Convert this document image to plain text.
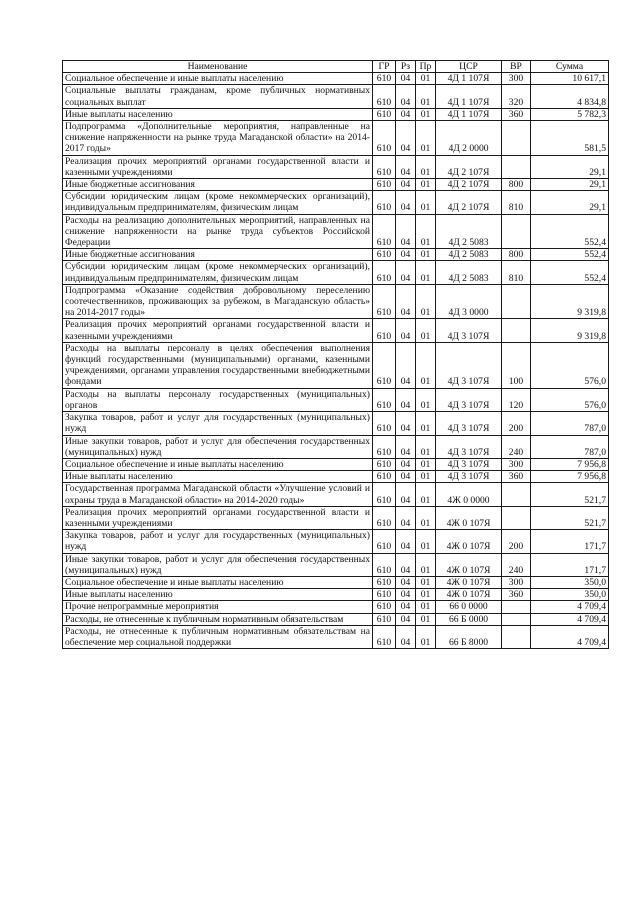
Наименование	ГР	Рз	Пр	ЦСР	ВР	Сумма
Социальное обеспечение и иные выплаты населению	610	04	01	4Д 1 107Я	300	10 617,1
Социальные выплаты гражданам, кроме публичных нормативных социальных выплат	610	04	01	4Д 1 107Я	320	4 834,8
Иные выплаты населению	610	04	01	4Д 1 107Я	360	5 782,3
Подпрограмма «Дополнительные мероприятия, направленные на снижение напряженности на рынке труда Магаданской области» на 2014-2017 годы»	610	04	01	4Д 2 0000		581,5
Реализация прочих мероприятий органами государственной власти и казенными учреждениями	610	04	01	4Д 2 107Я		29,1
Иные бюджетные ассигнования	610	04	01	4Д 2 107Я	800	29,1
Субсидии юридическим лицам (кроме некоммерческих организаций), индивидуальным предпринимателям, физическим лицам	610	04	01	4Д 2 107Я	810	29,1
Расходы на реализацию дополнительных мероприятий, направленных на снижение напряженности на рынке труда субъектов Российской Федерации	610	04	01	4Д 2 5083		552,4
Иные бюджетные ассигнования	610	04	01	4Д 2 5083	800	552,4
Субсидии юридическим лицам (кроме некоммерческих организаций), индивидуальным предпринимателям, физическим лицам	610	04	01	4Д 2 5083	810	552,4
Подпрограмма «Оказание содействия добровольному переселению соотечественников, проживающих за рубежом, в Магаданскую область» на 2014-2017 годы»	610	04	01	4Д 3 0000		9 319,8
Реализация прочих мероприятий органами государственной власти и казенными учреждениями	610	04	01	4Д 3 107Я		9 319,8
Расходы на выплаты персоналу в целях обеспечения выполнения функций государственными (муниципальными) органами, казенными учреждениями, органами управления государственными внебюджетными фондами	610	04	01	4Д 3 107Я	100	576,0
Расходы на выплаты персоналу государственных (муниципальных) органов	610	04	01	4Д 3 107Я	120	576,0
Закупка товаров, работ и услуг для государственных (муниципальных) нужд	610	04	01	4Д 3 107Я	200	787,0
Иные закупки товаров, работ и услуг для обеспечения государственных (муниципальных) нужд	610	04	01	4Д 3 107Я	240	787,0
Социальное обеспечение и иные выплаты населению	610	04	01	4Д 3 107Я	300	7 956,8
Иные выплаты населению	610	04	01	4Д 3 107Я	360	7 956,8
Государственная программа Магаданской области «Улучшение условий и охраны труда в Магаданской области» на 2014-2020 годы»	610	04	01	4Ж 0 0000		521,7
Реализация прочих мероприятий органами государственной власти и казенными учреждениями	610	04	01	4Ж 0 107Я		521,7
Закупка товаров, работ и услуг для государственных (муниципальных) нужд	610	04	01	4Ж 0 107Я	200	171,7
Иные закупки товаров, работ и услуг для обеспечения государственных (муниципальных) нужд	610	04	01	4Ж 0 107Я	240	171,7
Социальное обеспечение и иные выплаты населению	610	04	01	4Ж 0 107Я	300	350,0
Иные выплаты населению	610	04	01	4Ж 0 107Я	360	350,0
Прочие непрограммные мероприятия	610	04	01	66 0 0000		4 709,4
Расходы, не отнесенные к публичным нормативным обязательствам	610	04	01	66 Б 0000		4 709,4
Расходы, не отнесенные к публичным нормативным обязательствам на обеспечение мер социальной поддержки	610	04	01	66 Б 8000		4 709,4
